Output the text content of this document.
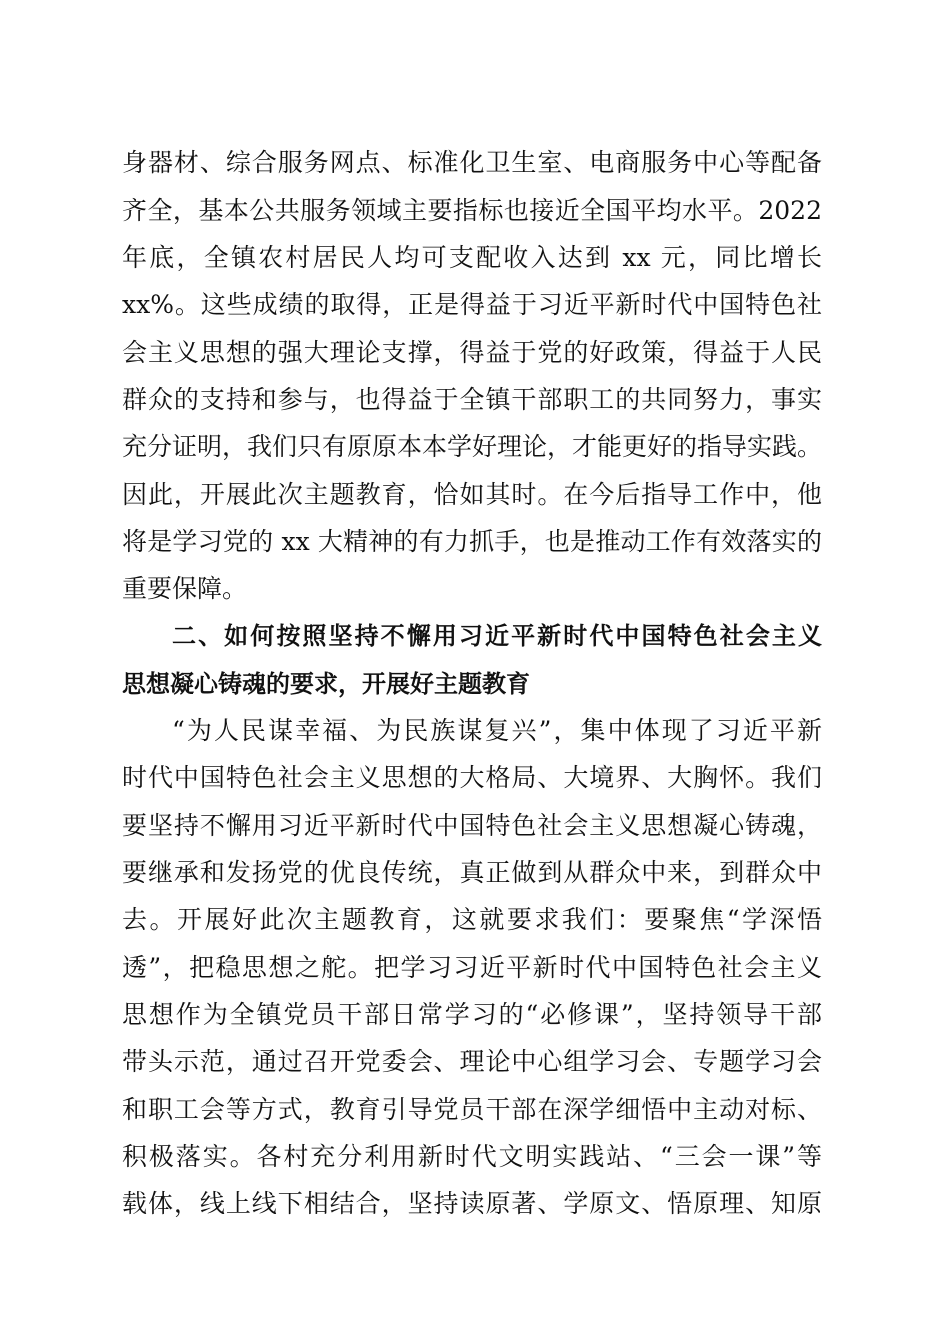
身器材、综合服务网点、标准化卫生室、电商服务中心等配备
齐全，基本公共服务领域主要指标也接近全国平均水平。2022
年底，全镇农村居民人均可支配收入达到 xx 元，同比增长
xx%。这些成绩的取得，正是得益于习近平新时代中国特色社
会主义思想的强大理论支撑，得益于党的好政策，得益于人民
群众的支持和参与，也得益于全镇干部职工的共同努力，事实
充分证明，我们只有原原本本学好理论，才能更好的指导实践。
因此，开展此次主题教育，恰如其时。在今后指导工作中，他
将是学习党的 xx 大精神的有力抓手，也是推动工作有效落实的
重要保障。
二、如何按照坚持不懈用习近平新时代中国特色社会主义
思想凝心铸魂的要求，开展好主题教育
“为人民谋幸福、为民族谋复兴”，集中体现了习近平新
时代中国特色社会主义思想的大格局、大境界、大胸怀。我们
要坚持不懈用习近平新时代中国特色社会主义思想凝心铸魂，
要继承和发扬党的优良传统，真正做到从群众中来，到群众中
去。开展好此次主题教育，这就要求我们：要聚焦“学深悟
透”，把稳思想之舵。把学习习近平新时代中国特色社会主义
思想作为全镇党员干部日常学习的“必修课”，坚持领导干部
带头示范，通过召开党委会、理论中心组学习会、专题学习会
和职工会等方式，教育引导党员干部在深学细悟中主动对标、
积极落实。各村充分利用新时代文明实践站、“三会一课”等
载体，线上线下相结合，坚持读原著、学原文、悟原理、知原
